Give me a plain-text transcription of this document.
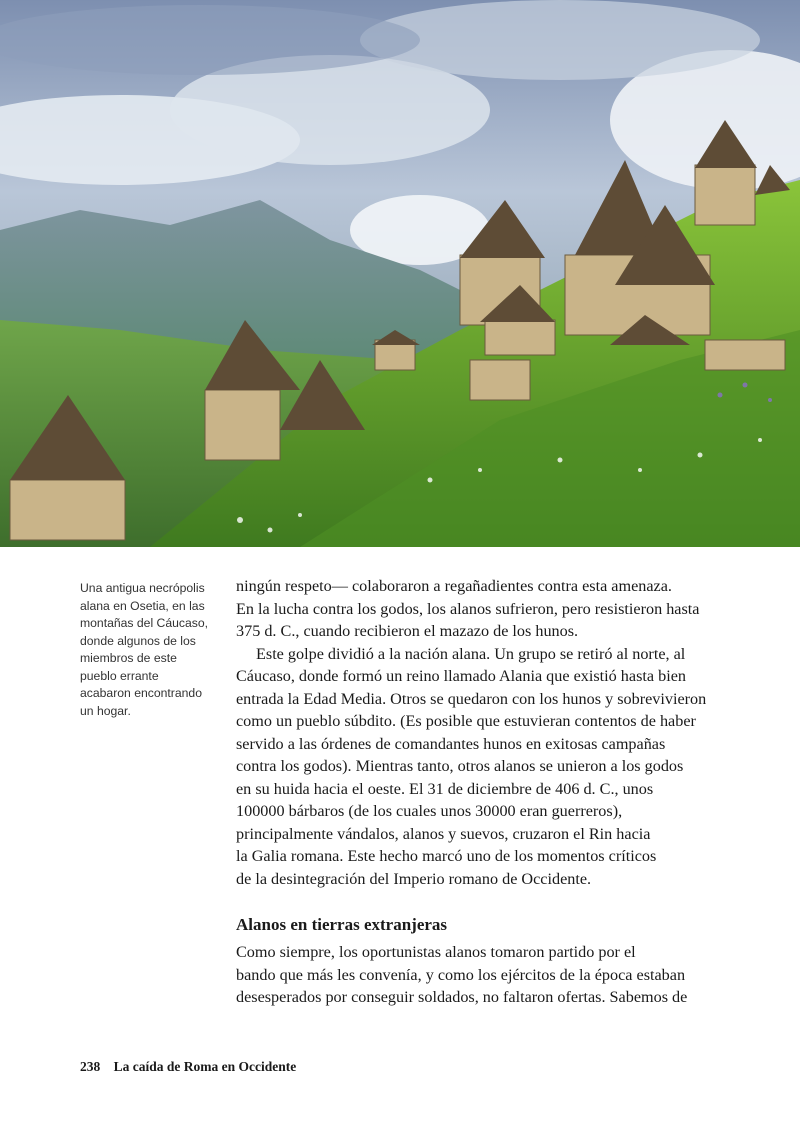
Una antigua necrópolis
alana en Osetia, en las
montañas del Cáucaso,
donde algunos de los
miembros de este
pueblo errante
acabaron encontrando
un hogar.

ningún respeto— colaboraron a regañadientes contra esta amenaza.
En la lucha contra los godos, los alanos sufrieron, pero resistieron hasta
375 d. C., cuando recibieron el mazazo de los hunos.
Este golpe dividió a la nación alana. Un grupo se retiró al norte, al
Cáucaso, donde formó un reino llamado Alania que existió hasta bien
entrada la Edad Media. Otros se quedaron con los hunos y sobrevivieron
como un pueblo súbdito. (Es posible que estuvieran contentos de haber
servido a las órdenes de comandantes hunos en exitosas campañas
contra los godos). Mientras tanto, otros alanos se unieron a los godos
en su huida hacia el oeste. El 31 de diciembre de 406 d. C., unos
100000 bárbaros (de los cuales unos 30000 eran guerreros),
principalmente vándalos, alanos y suevos, cruzaron el Rin hacia
la Galia romana. Este hecho marcó uno de los momentos críticos
de la desintegración del Imperio romano de Occidente.
Alanos en tierras extranjeras
Como siempre, los oportunistas alanos tomaron partido por el
bando que más les convenía, y como los ejércitos de la época estaban
desesperados por conseguir soldados, no faltaron ofertas. Sabemos de
238 La caída de Roma en Occidente
